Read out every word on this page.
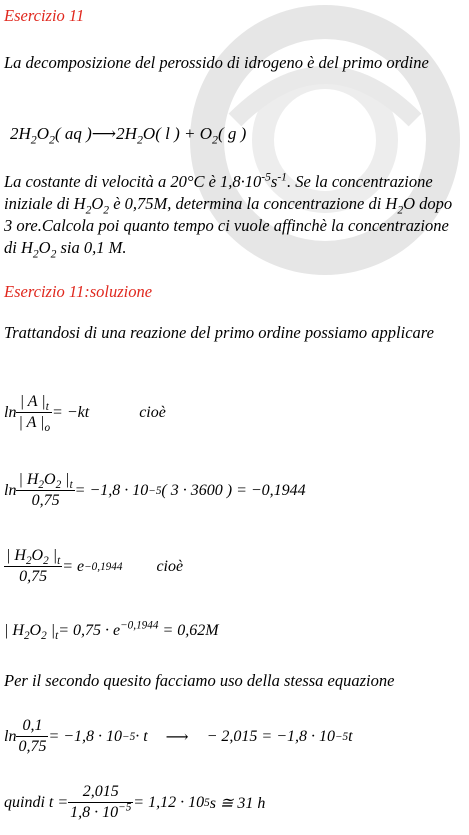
Esercizio 11
La decomposizione del perossido di idrogeno è del primo ordine
$2H_2O_2$( aq )$⟶2H_2O$( l ) + $O_2$( g )
La costante di velocità a 20°C è $1,8\cdot 10^{-5}s^{-1}$. Se la concentrazione iniziale di $H_2O_2$ è 0,75M, determina la concentrazione di $H_2O$ dopo 3 ore.Calcola poi quanto tempo ci vuole affinchè la concentrazione di $H_2O_2$ sia 0,1 M.
Esercizio 11:soluzione
Trattandosi di una reazione del primo ordine possiamo applicare
$\ln \frac{| A |_t}{| A |_o} = -kt$	cioè
$\ln \frac{| H_2O_2 |_t}{0,75} = -1,8 \cdot 10 -5$ ( 3 · 3600 ) = −0,1944
$\frac{| H_2O_2 |_t}{0,75} = e -0,1944$ cioè
| $H_2O_2$ $|_t= 0,75 \cdot e^{-0,1944} = 0,62M$
Per il secondo quesito facciamo uso della stessa equazione
$\ln \frac{0,1}{0,75} = -1,8 \cdot 10 -5 \cdot t$ ⟶ − 2,015 = −1,8 · 10 −5 t
quindi $t = \frac{2,015}{1,8 \cdot 10^{-5}} = 1,12 \cdot 10$ 5 s ≅ 31 h
